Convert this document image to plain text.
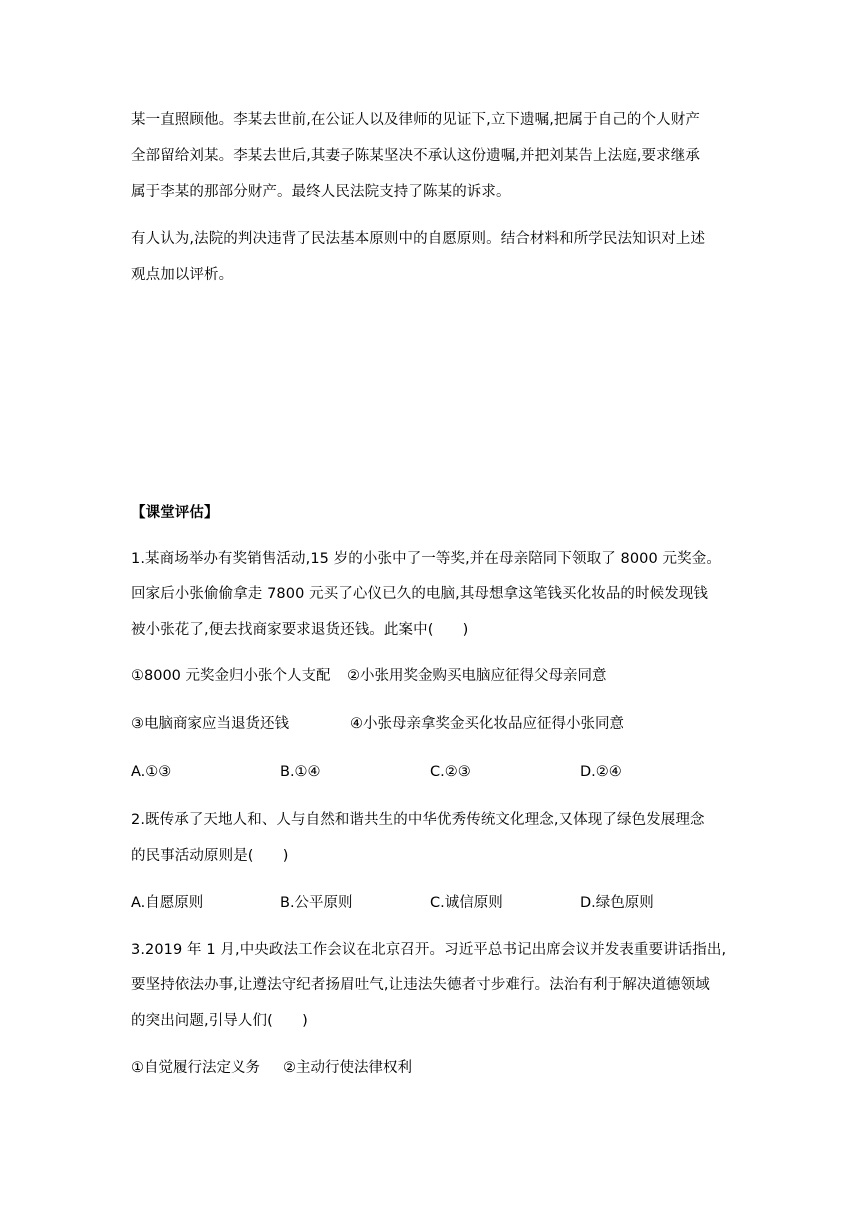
某一直照顾他。李某去世前,在公证人以及律师的见证下,立下遗嘱,把属于自己的个人财产
全部留给刘某。李某去世后,其妻子陈某坚决不承认这份遗嘱,并把刘某告上法庭,要求继承
属于李某的那部分财产。最终人民法院支持了陈某的诉求。
有人认为,法院的判决违背了民法基本原则中的自愿原则。结合材料和所学民法知识对上述
观点加以评析。
【课堂评估】
1.某商场举办有奖销售活动,15 岁的小张中了一等奖,并在母亲陪同下领取了 8000 元奖金。
回家后小张偷偷拿走 7800 元买了心仪已久的电脑,其母想拿这笔钱买化妆品的时候发现钱
被小张花了,便去找商家要求退货还钱。此案中(　　)
①8000 元奖金归小张个人支配 ②小张用奖金购买电脑应征得父母亲同意
③电脑商家应当退货还钱	④小张母亲拿奖金买化妆品应征得小张同意
A.①③	B.①④	C.②③	D.②④
2.既传承了天地人和、人与自然和谐共生的中华优秀传统文化理念,又体现了绿色发展理念
的民事活动原则是(　　)
A.自愿原则	B.公平原则	C.诚信原则	D.绿色原则
3.2019 年 1 月,中央政法工作会议在北京召开。习近平总书记出席会议并发表重要讲话指出,
要坚持依法办事,让遵法守纪者扬眉吐气,让违法失德者寸步难行。法治有利于解决道德领域
的突出问题,引导人们(　　)
①自觉履行法定义务 ②主动行使法律权利
